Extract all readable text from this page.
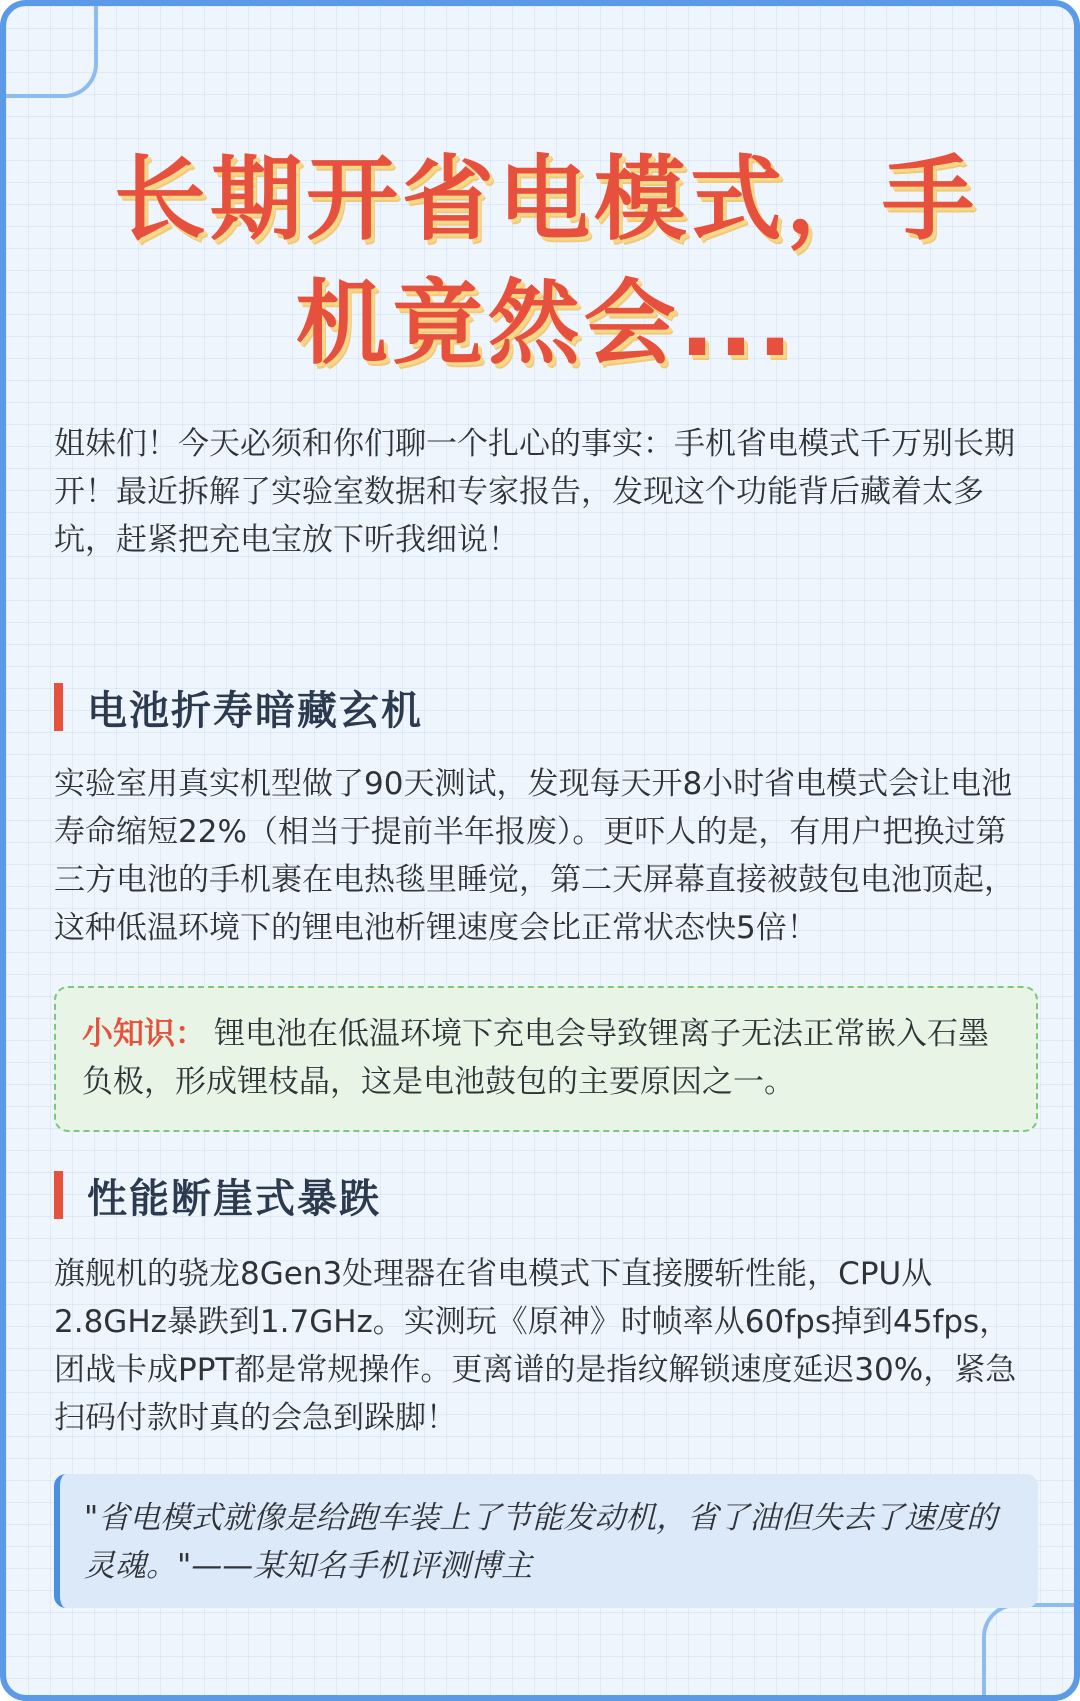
长期开省电模式，手机竟然会...

姐妹们！今天必须和你们聊一个扎心的事实：手机省电模式千万别长期开！最近拆解了实验室数据和专家报告，发现这个功能背后藏着太多坑，赶紧把充电宝放下听我细说！

电池折寿暗藏玄机

实验室用真实机型做了90天测试，发现每天开8小时省电模式会让电池寿命缩短22%（相当于提前半年报废）。更吓人的是，有用户把换过第三方电池的手机裹在电热毯里睡觉，第二天屏幕直接被鼓包电池顶起，这种低温环境下的锂电池析锂速度会比正常状态快5倍！

小知识： 锂电池在低温环境下充电会导致锂离子无法正常嵌入石墨负极，形成锂枝晶，这是电池鼓包的主要原因之一。
性能断崖式暴跌

旗舰机的骁龙8Gen3处理器在省电模式下直接腰斩性能，CPU从2.8GHz暴跌到1.7GHz。实测玩《原神》时帧率从60fps掉到45fps，团战卡成PPT都是常规操作。更离谱的是指纹解锁速度延迟30%，紧急扫码付款时真的会急到跺脚！

"省电模式就像是给跑车装上了节能发动机，省了油但失去了速度的灵魂。"——某知名手机评测博主
